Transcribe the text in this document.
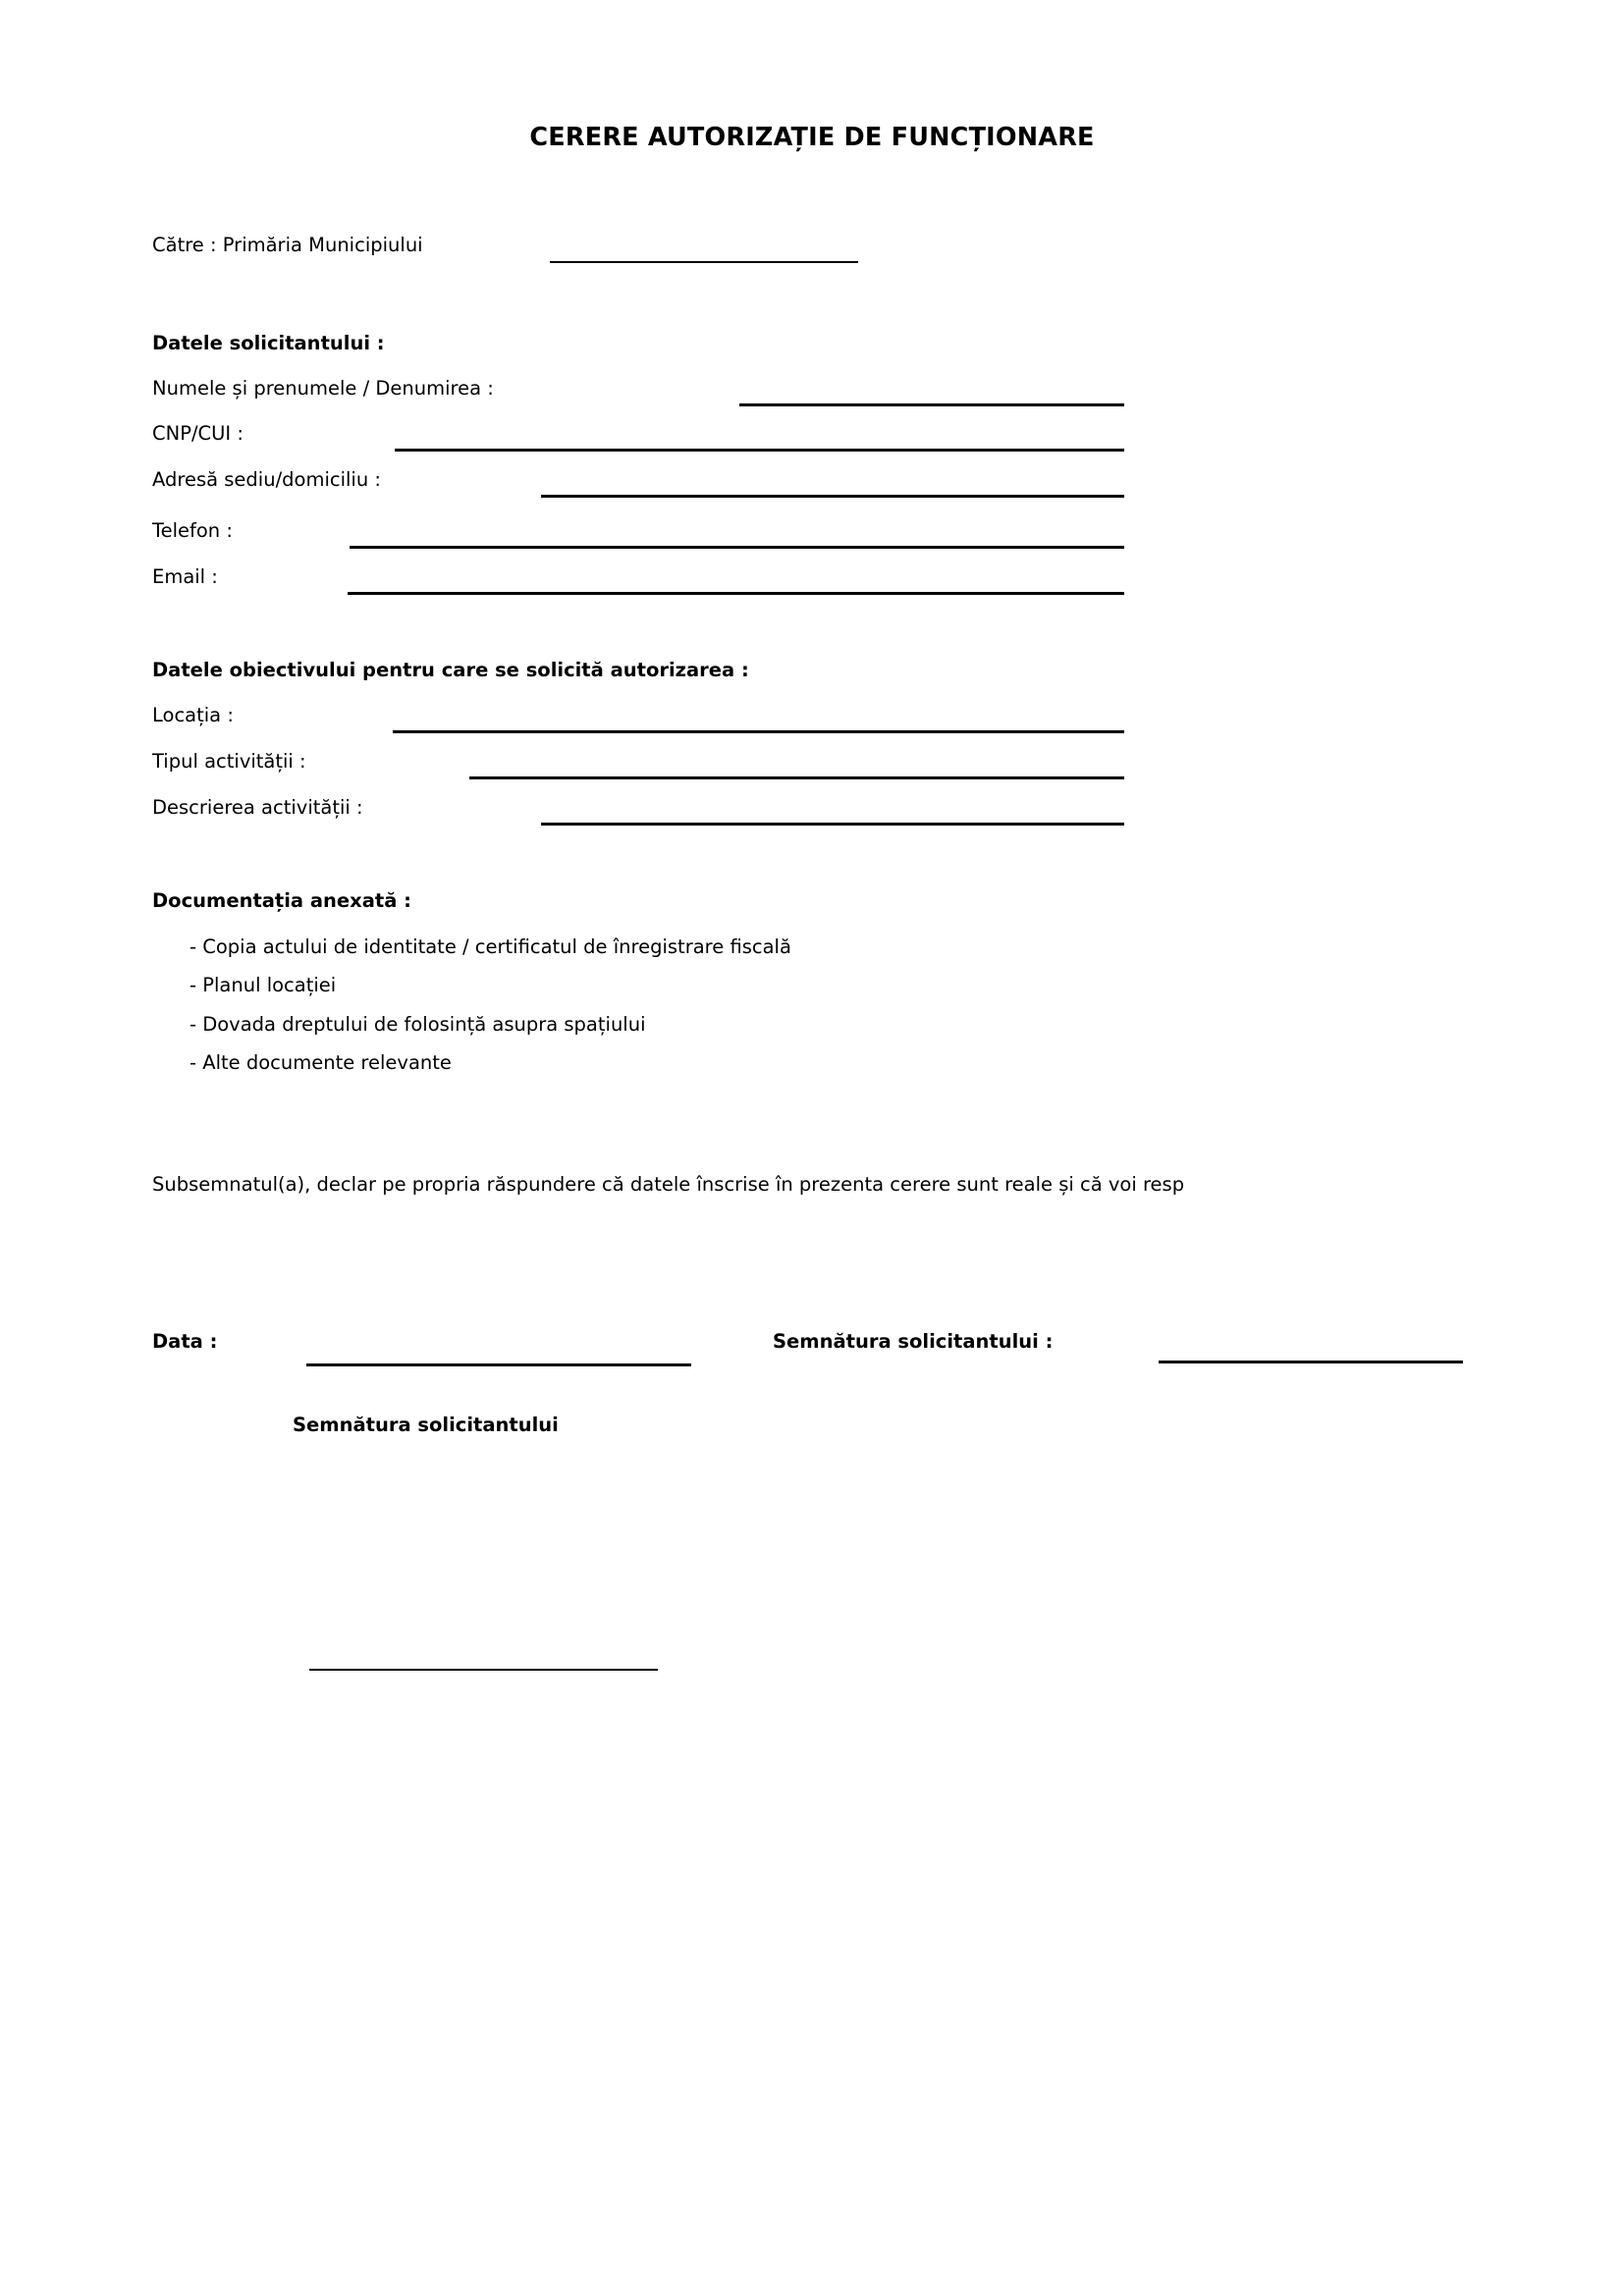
CERERE AUTORIZAȚIE DE FUNCȚIONARE
Către : Primăria Municipiului
Datele solicitantului :
Numele și prenumele / Denumirea :
CNP/CUI :
Adresă sediu/domiciliu :
Telefon :
Email :
Datele obiectivului pentru care se solicită autorizarea :
Locația :
Tipul activității :
Descrierea activității :
Documentația anexată :
- Copia actului de identitate / certificatul de înregistrare fiscală
- Planul locației
- Dovada dreptului de folosință asupra spațiului
- Alte documente relevante
Subsemnatul(a), declar pe propria răspundere că datele înscrise în prezenta cerere sunt reale și că voi resp
Data :	Semnătura solicitantului :
Semnătura solicitantului
